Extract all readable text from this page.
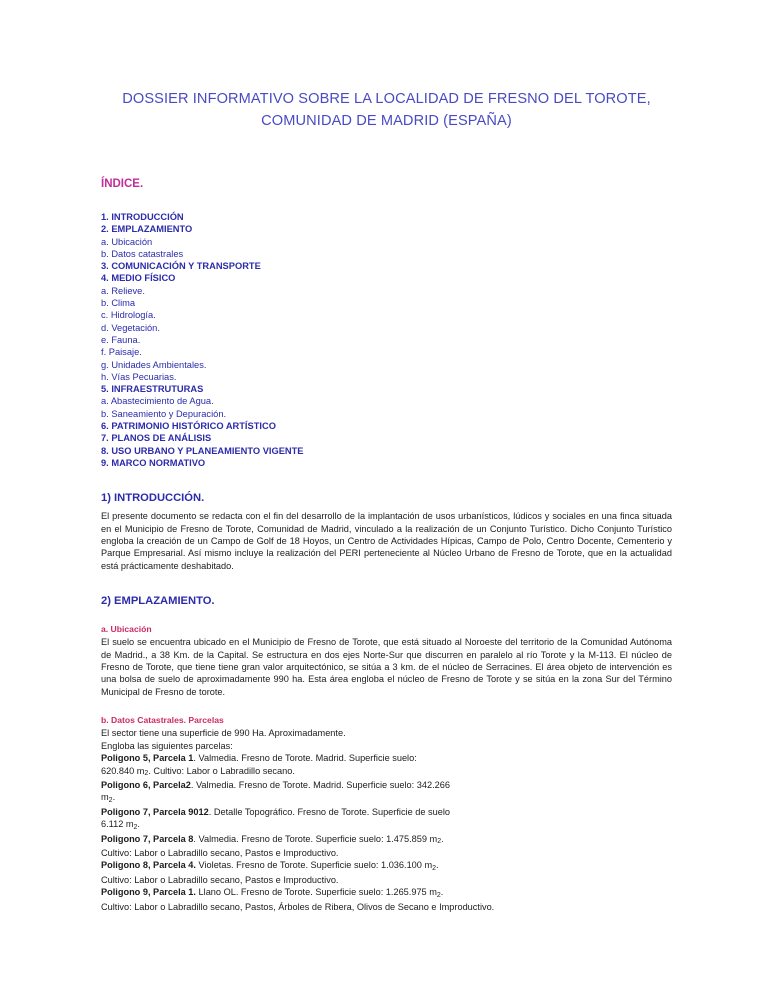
DOSSIER INFORMATIVO SOBRE LA LOCALIDAD DE FRESNO DEL TOROTE, COMUNIDAD DE MADRID (ESPAÑA)
ÍNDICE.
1. INTRODUCCIÓN
2. EMPLAZAMIENTO
a. Ubicación
b. Datos catastrales
3. COMUNICACIÓN Y TRANSPORTE
4. MEDIO FÍSICO
a. Relieve.
b. Clima
c. Hidrología.
d. Vegetación.
e. Fauna.
f. Paisaje.
g. Unidades Ambientales.
h. Vías Pecuarias.
5. INFRAESTRUTURAS
a. Abastecimiento de Agua.
b. Saneamiento y Depuración.
6. PATRIMONIO HISTÓRICO ARTÍSTICO
7. PLANOS DE ANÁLISIS
8. USO URBANO Y PLANEAMIENTO VIGENTE
9. MARCO NORMATIVO
1) INTRODUCCIÓN.

El presente documento se redacta con el fin del desarrollo de la implantación de usos urbanísticos, lúdicos y sociales en una finca situada en el Municipio de Fresno de Torote, Comunidad de Madrid, vinculado a la realización de un Conjunto Turístico. Dicho Conjunto Turístico engloba la creación de un Campo de Golf de 18 Hoyos, un Centro de Actividades Hípicas, Campo de Polo, Centro Docente, Cementerio y Parque Empresarial. Así mismo incluye la realización del PERI perteneciente al Núcleo Urbano de Fresno de Torote, que en la actualidad está prácticamente deshabitado.

2) EMPLAZAMIENTO.
a. Ubicación

El suelo se encuentra ubicado en el Municipio de Fresno de Torote, que está situado al Noroeste del territorio de la Comunidad Autónoma de Madrid., a 38 Km. de la Capital. Se estructura en dos ejes Norte-Sur que discurren en paralelo al río Torote y la M-113. El núcleo de Fresno de Torote, que tiene tiene gran valor arquitectónico, se sitúa a 3 km. de el núcleo de Serracines. El área objeto de intervención es una bolsa de suelo de aproximadamente 990 ha. Esta área engloba el núcleo de Fresno de Torote y se sitúa en la zona Sur del Término Municipal de Fresno de torote.

b. Datos Catastrales. Parcelas
El sector tiene una superficie de 990 Ha. Aproximadamente.
Engloba las siguientes parcelas:
Poligono 5, Parcela 1. Valmedia. Fresno de Torote. Madrid. Superficie suelo:
620.840 $m_2$. Cultivo: Labor o Labradillo secano.
Poligono 6, Parcela2. Valmedia. Fresno de Torote. Madrid. Superficie suelo: 342.266
$m_2$.
Poligono 7, Parcela 9012. Detalle Topográfico. Fresno de Torote. Superficie de suelo
6.112 $m_2$.
Poligono 7, Parcela 8. Valmedia. Fresno de Torote. Superficie suelo: 1.475.859 $m_2$.
Cultivo: Labor o Labradillo secano, Pastos e Improductivo.
Poligono 8, Parcela 4. Violetas. Fresno de Torote. Superficie suelo: 1.036.100 $m_2$.
Cultivo: Labor o Labradillo secano, Pastos e Improductivo.
Poligono 9, Parcela 1. Llano OL. Fresno de Torote. Superficie suelo: 1.265.975 $m_2$.
Cultivo: Labor o Labradillo secano, Pastos, Árboles de Ribera, Olivos de Secano e Improductivo.
